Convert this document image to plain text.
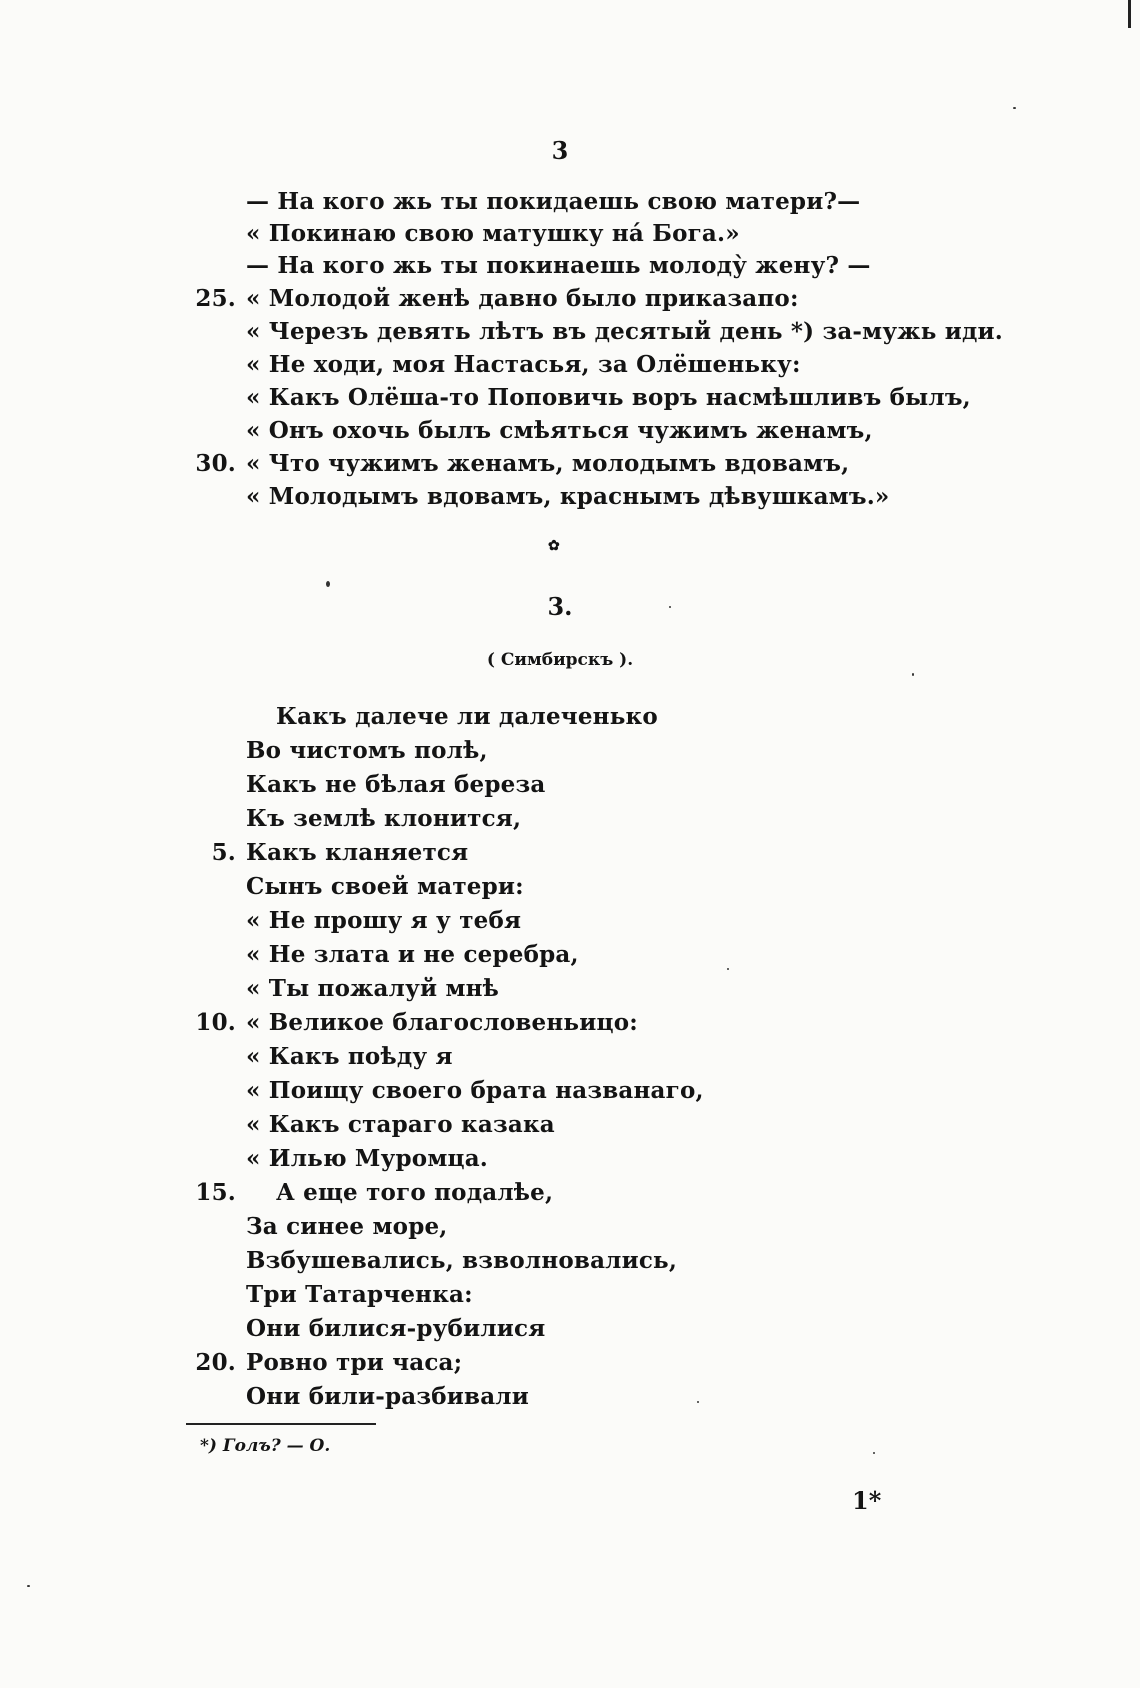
3
— На кого жь ты покидаешь свою матери?—
« Покинаю свою матушку на́ Бога.»
— На кого жь ты покинаешь молоду̀ жену? —
25. « Молодой женѣ давно было приказапо:
« Черезъ девять лѣтъ въ десятый день *) за-мужь иди.
« Не ходи, моя Настасья, за Олёшеньку:
« Какъ Олёша-то Поповичь воръ насмѣшливъ былъ,
« Онъ охочь былъ смѣяться чужимъ женамъ,
30. « Что чужимъ женамъ, молодымъ вдовамъ,
« Молодымъ вдовамъ, краснымъ дѣвушкамъ.»
✿
3.
( Симбирскъ ).
Какъ далече ли далеченько
Во чистомъ полѣ,
Какъ не бѣлая береза
Къ землѣ клонится,
5. Какъ кланяется
Сынъ своей матери:
« Не прошу я у тебя
« Не злата и не серебра,
« Ты пожалуй мнѣ
10. « Великое благословеньицо:
« Какъ поѣду я
« Поищу своего брата названаго,
« Какъ стараго казака
« Илью Муромца.
15. А еще того подалѣе,
За синее море,
Взбушевались, взволновались,
Три Татарченка:
Они билися-рубилися
20. Ровно три часа;
Они били-разбивали
*) Голъ? — О.
1*
